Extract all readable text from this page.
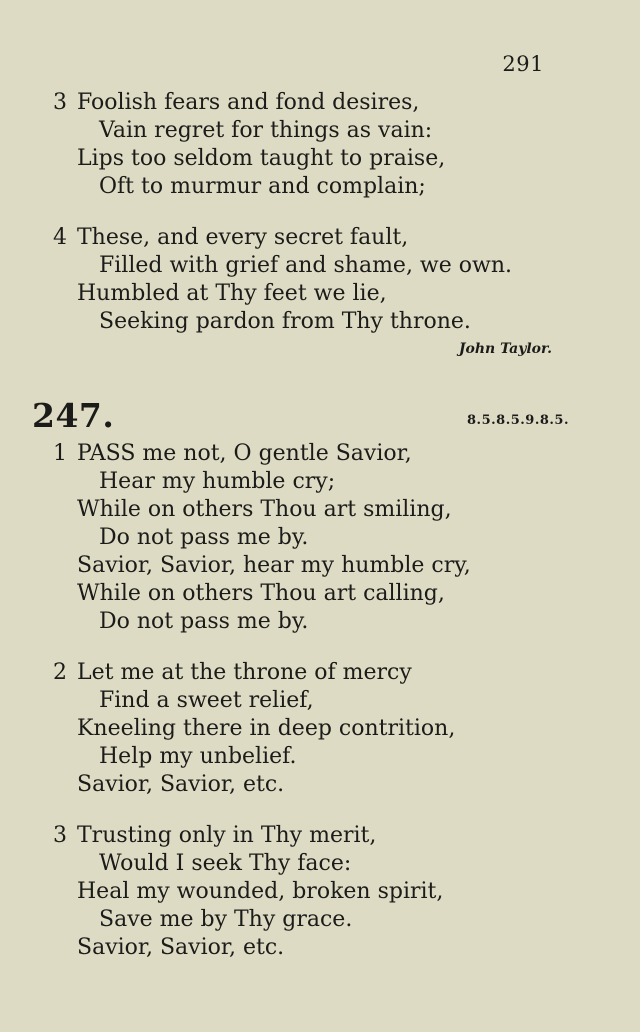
291
3 Foolish fears and fond desires,
Vain regret for things as vain:
Lips too seldom taught to praise,
Oft to murmur and complain;
4 These, and every secret fault,
Filled with grief and shame, we own.
Humbled at Thy feet we lie,
Seeking pardon from Thy throne.
John Taylor.
247.	8.5.8.5.9.8.5.
1 PASS me not, O gentle Savior,
Hear my humble cry;
While on others Thou art smiling,
Do not pass me by.
Savior, Savior, hear my humble cry,
While on others Thou art calling,
Do not pass me by.
2 Let me at the throne of mercy
Find a sweet relief,
Kneeling there in deep contrition,
Help my unbelief.
Savior, Savior, etc.
3 Trusting only in Thy merit,
Would I seek Thy face:
Heal my wounded, broken spirit,
Save me by Thy grace.
Savior, Savior, etc.
